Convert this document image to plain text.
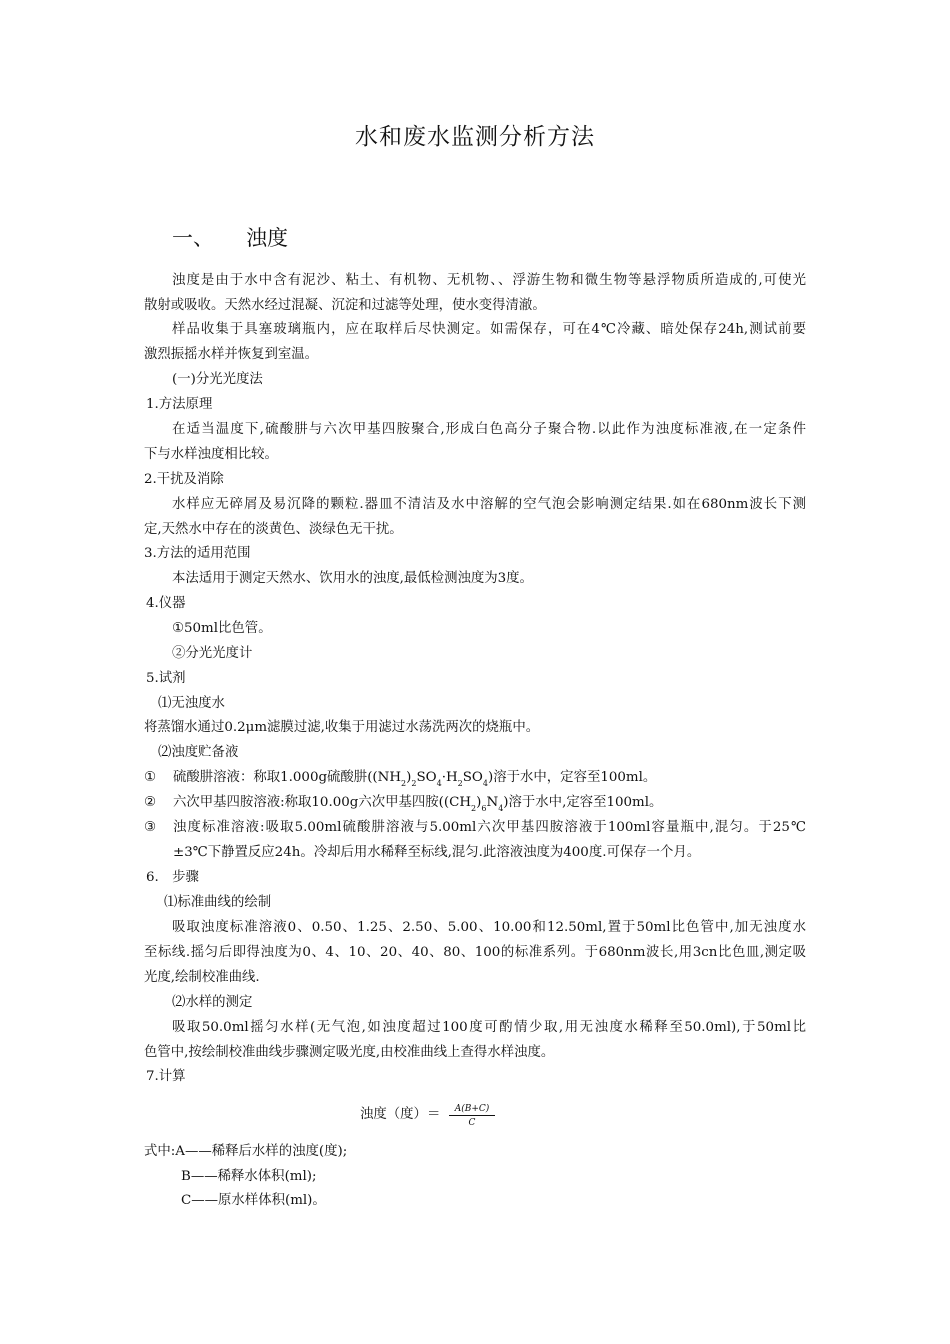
水和废水监测分析方法
一、 浊度
浊度是由于水中含有泥沙、粘土、有机物、无机物、、浮游生物和微生物等悬浮物质所造成的,可使光
散射或吸收。天然水经过混凝、沉淀和过滤等处理，使水变得清澈。
样品收集于具塞玻璃瓶内，应在取样后尽快测定。如需保存，可在4℃冷藏、暗处保存24h,测试前要
激烈振摇水样并恢复到室温。
(一)分光光度法
1.方法原理
在适当温度下,硫酸肼与六次甲基四胺聚合,形成白色高分子聚合物.以此作为浊度标准液,在一定条件
下与水样浊度相比较。
2.干扰及消除
水样应无碎屑及易沉降的颗粒.器皿不清洁及水中溶解的空气泡会影响测定结果.如在680nm波长下测
定,天然水中存在的淡黄色、淡绿色无干扰。
3.方法的适用范围
本法适用于测定天然水、饮用水的浊度,最低检测浊度为3度。
4.仪器
①50ml比色管。
②分光光度计
5.试剂
⑴无浊度水
将蒸馏水通过0.2μm滤膜过滤,收集于用滤过水荡洗两次的烧瓶中。
⑵浊度贮备液
① 硫酸肼溶液：称取1.000g硫酸肼$((NH_2)_2SO_4\cdot H_2SO_4)$溶于水中，定容至100ml。
② 六次甲基四胺溶液:称取10.00g六次甲基四胺$((CH_2)_6N_4)$溶于水中,定容至100ml。
③ 浊度标准溶液:吸取5.00ml硫酸肼溶液与5.00ml六次甲基四胺溶液于100ml容量瓶中,混匀。于25℃
±3℃下静置反应24h。冷却后用水稀释至标线,混匀.此溶液浊度为400度.可保存一个月。
6.　步骤
⑴标准曲线的绘制
吸取浊度标准溶液0、0.50、1.25、2.50、5.00、10.00和12.50ml,置于50ml比色管中,加无浊度水
至标线.摇匀后即得浊度为0、4、10、20、40、80、100的标准系列。于680nm波长,用3cn比色皿,测定吸
光度,绘制校准曲线.
⑵水样的测定
吸取50.0ml摇匀水样(无气泡,如浊度超过100度可酌情少取,用无浊度水稀释至50.0ml),于50ml比
色管中,按绘制校准曲线步骤测定吸光度,由校准曲线上查得水样浊度。
7.计算
浊度（度）＝ $\frac{A(B+C)}{C}$
式中:A——稀释后水样的浊度(度);
B——稀释水体积(ml);
C——原水样体积(ml)。
